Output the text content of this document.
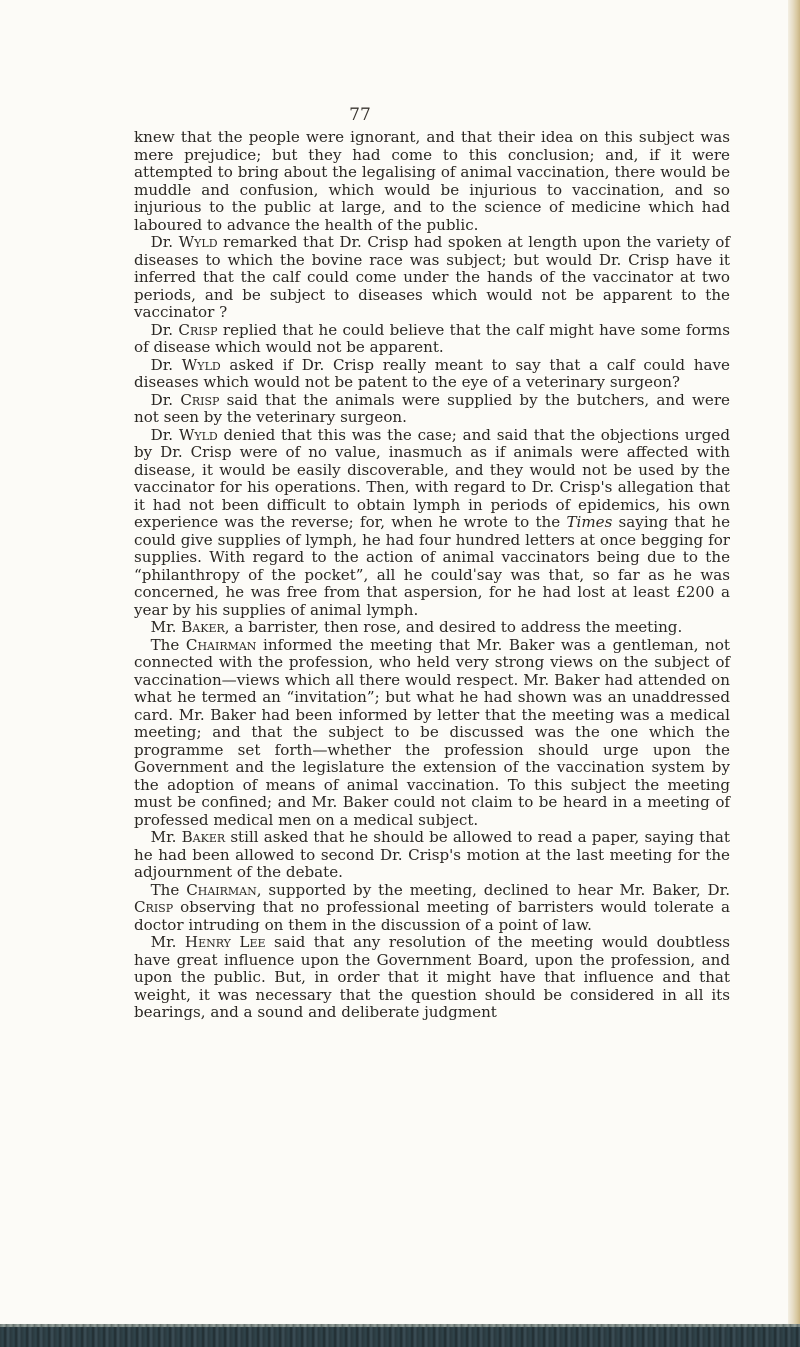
77

knew that the people were ignorant, and that their idea on this subject was mere prejudice; but they had come to this conclusion; and, if it were attempted to bring about the legalising of animal vaccination, there would be muddle and confusion, which would be injurious to vaccination, and so injurious to the public at large, and to the science of medicine which had laboured to advance the health of the public.

Dr. Wyld remarked that Dr. Crisp had spoken at length upon the variety of diseases to which the bovine race was subject; but would Dr. Crisp have it inferred that the calf could come under the hands of the vaccinator at two periods, and be subject to diseases which would not be apparent to the vaccinator ?

Dr. Crisp replied that he could believe that the calf might have some forms of disease which would not be apparent.

Dr. Wyld asked if Dr. Crisp really meant to say that a calf could have diseases which would not be patent to the eye of a veterinary surgeon?

Dr. Crisp said that the animals were supplied by the butchers, and were not seen by the veterinary surgeon.

Dr. Wyld denied that this was the case; and said that the objections urged by Dr. Crisp were of no value, inasmuch as if animals were affected with disease, it would be easily discoverable, and they would not be used by the vaccinator for his operations. Then, with regard to Dr. Crisp's allegation that it had not been difficult to obtain lymph in periods of epidemics, his own experience was the reverse; for, when he wrote to the Times saying that he could give supplies of lymph, he had four hundred letters at once begging for supplies. With regard to the action of animal vaccinators being due to the “philanthropy of the pocket”, all he couldˈsay was that, so far as he was concerned, he was free from that aspersion, for he had lost at least £200 a year by his supplies of animal lymph.

Mr. Baker, a barrister, then rose, and desired to address the meeting.

The Chairman informed the meeting that Mr. Baker was a gentleman, not connected with the profession, who held very strong views on the subject of vaccination—views which all there would respect. Mr. Baker had attended on what he termed an “invitation”; but what he had shown was an unaddressed card. Mr. Baker had been informed by letter that the meeting was a medical meeting; and that the subject to be discussed was the one which the programme set forth—whether the profession should urge upon the Government and the legislature the extension of the vaccination system by the adoption of means of animal vaccination. To this subject the meeting must be confined; and Mr. Baker could not claim to be heard in a meeting of professed medical men on a medical subject.

Mr. Baker still asked that he should be allowed to read a paper, saying that he had been allowed to second Dr. Crisp's motion at the last meeting for the adjournment of the debate.

The Chairman, supported by the meeting, declined to hear Mr. Baker, Dr. Crisp observing that no professional meeting of barristers would tolerate a doctor intruding on them in the discussion of a point of law.

Mr. Henry Lee said that any resolution of the meeting would doubtless have great influence upon the Government Board, upon the profession, and upon the public. But, in order that it might have that influence and that weight, it was necessary that the question should be considered in all its bearings, and a sound and deliberate judgment
